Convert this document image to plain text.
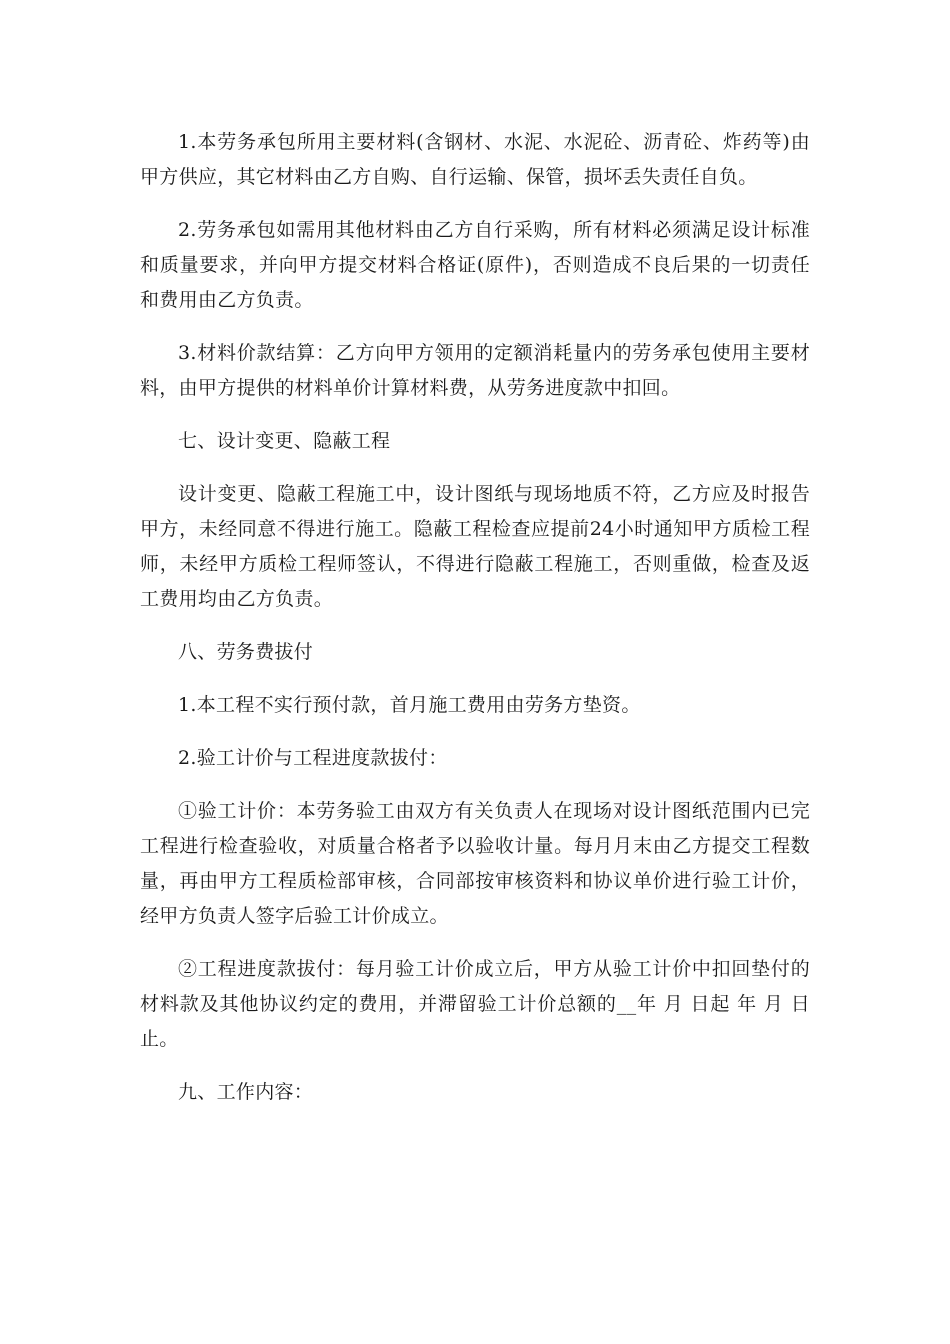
1.本劳务承包所用主要材料(含钢材、水泥、水泥砼、沥青砼、炸药等)由甲方供应，其它材料由乙方自购、自行运输、保管，损坏丢失责任自负。

2.劳务承包如需用其他材料由乙方自行采购，所有材料必须满足设计标准和质量要求，并向甲方提交材料合格证(原件)，否则造成不良后果的一切责任和费用由乙方负责。

3.材料价款结算：乙方向甲方领用的定额消耗量内的劳务承包使用主要材料，由甲方提供的材料单价计算材料费，从劳务进度款中扣回。

七、设计变更、隐蔽工程

设计变更、隐蔽工程施工中，设计图纸与现场地质不符，乙方应及时报告甲方，未经同意不得进行施工。隐蔽工程检查应提前24小时通知甲方质检工程师，未经甲方质检工程师签认，不得进行隐蔽工程施工，否则重做，检查及返工费用均由乙方负责。

八、劳务费拔付

1.本工程不实行预付款，首月施工费用由劳务方垫资。

2.验工计价与工程进度款拔付：

①验工计价：本劳务验工由双方有关负责人在现场对设计图纸范围内已完工程进行检查验收，对质量合格者予以验收计量。每月月末由乙方提交工程数量，再由甲方工程质检部审核，合同部按审核资料和协议单价进行验工计价，经甲方负责人签字后验工计价成立。

②工程进度款拔付：每月验工计价成立后，甲方从验工计价中扣回垫付的材料款及其他协议约定的费用，并滞留验工计价总额的__年 月 日起 年 月 日止。

九、工作内容：
